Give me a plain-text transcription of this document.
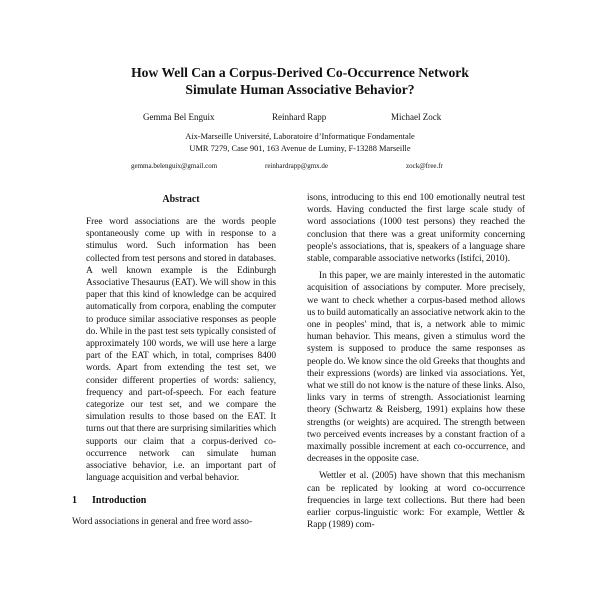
How Well Can a Corpus-Derived Co-Occurrence Network
Simulate Human Associative Behavior?
Gemma Bel Enguix	Reinhard Rapp	Michael Zock
Aix-Marseille Université, Laboratoire d’Informatique Fondamentale
UMR 7279, Case 901, 163 Avenue de Luminy, F-13288 Marseille
gemma.belenguix@gmail.com	reinhardrapp@gmx.de	zock@free.fr
Abstract
Free word associations are the words people spontaneously come up with in response to a stimulus word. Such information has been collected from test persons and stored in databases. A well known example is the Edinburgh Associative Thesaurus (EAT). We will show in this paper that this kind of knowledge can be acquired automatically from corpora, enabling the computer to produce similar associative responses as people do. While in the past test sets typically consisted of approximately 100 words, we will use here a large part of the EAT which, in total, comprises 8400 words. Apart from extending the test set, we consider different properties of words: saliency, frequency and part-of-speech. For each feature categorize our test set, and we compare the simulation results to those based on the EAT. It turns out that there are surprising similarities which supports our claim that a corpus-derived co-occurrence network can simulate human associative behavior, i.e. an important part of language acquisition and verbal behavior.
1 Introduction

Word associations in general and free word asso-

isons, introducing to this end 100 emotionally neutral test words. Having conducted the first large scale study of word associations (1000 test persons) they reached the conclusion that there was a great uniformity concerning people's associations, that is, speakers of a language share stable, comparable associative networks (Istifci, 2010).

In this paper, we are mainly interested in the automatic acquisition of associations by computer. More precisely, we want to check whether a corpus-based method allows us to build automatically an associative network akin to the one in peoples' mind, that is, a network able to mimic human behavior. This means, given a stimulus word the system is supposed to produce the same responses as people do. We know since the old Greeks that thoughts and their expressions (words) are linked via associations. Yet, what we still do not know is the nature of these links. Also, links vary in terms of strength. Associationist learning theory (Schwartz & Reisberg, 1991) explains how these strengths (or weights) are acquired. The strength between two perceived events increases by a constant fraction of a maximally possible increment at each co-occurrence, and decreases in the opposite case.

Wettler et al. (2005) have shown that this mechanism can be replicated by looking at word co-occurrence frequencies in large text collections. But there had been earlier corpus-linguistic work: For example, Wettler & Rapp (1989) com-
